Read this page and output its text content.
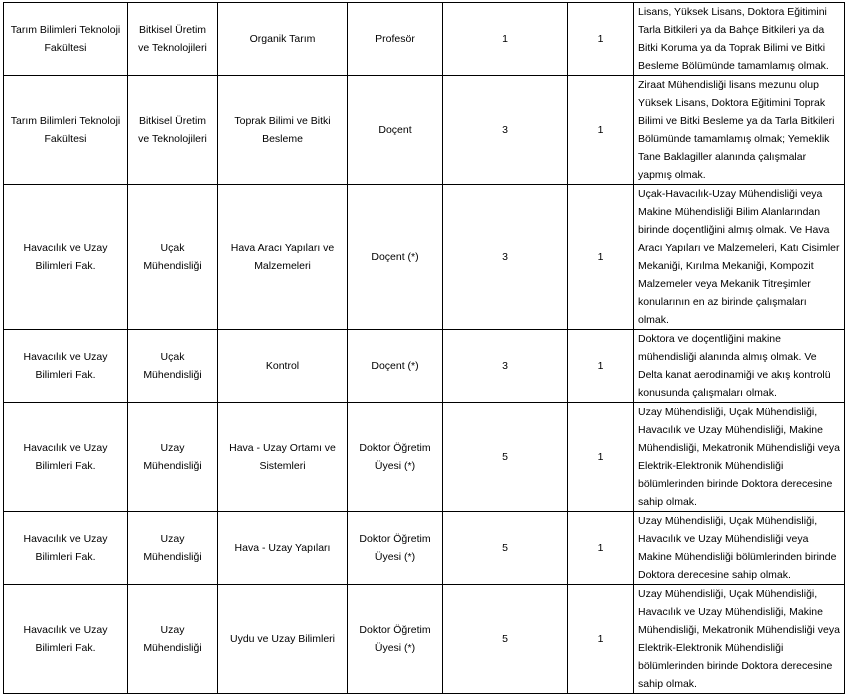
Tarım Bilimleri Teknoloji Fakültesi	Bitkisel Üretim ve Teknolojileri	Organik Tarım	Profesör	1	1	Lisans, Yüksek Lisans, Doktora Eğitimini Tarla Bitkileri ya da Bahçe Bitkileri ya da Bitki Koruma ya da Toprak Bilimi ve Bitki Besleme Bölümünde tamamlamış olmak.
Tarım Bilimleri Teknoloji Fakültesi	Bitkisel Üretim ve Teknolojileri	Toprak Bilimi ve Bitki Besleme	Doçent	3	1	Ziraat Mühendisliği lisans mezunu olup Yüksek Lisans, Doktora Eğitimini Toprak Bilimi ve Bitki Besleme ya da Tarla Bitkileri Bölümünde tamamlamış olmak; Yemeklik Tane Baklagiller alanında çalışmalar yapmış olmak.
Havacılık ve Uzay Bilimleri Fak.	Uçak Mühendisliği	Hava Aracı Yapıları ve Malzemeleri	Doçent (*)	3	1	Uçak-Havacılık-Uzay Mühendisliği veya Makine Mühendisliği Bilim Alanlarından birinde doçentliğini almış olmak. Ve Hava Aracı Yapıları ve Malzemeleri, Katı Cisimler Mekaniği, Kırılma Mekaniği, Kompozit Malzemeler veya Mekanik Titreşimler konularının en az birinde çalışmaları olmak.
Havacılık ve Uzay Bilimleri Fak.	Uçak Mühendisliği	Kontrol	Doçent (*)	3	1	Doktora ve doçentliğini makine mühendisliği alanında almış olmak. Ve Delta kanat aerodinamiği ve akış kontrolü konusunda çalışmaları olmak.
Havacılık ve Uzay Bilimleri Fak.	Uzay Mühendisliği	Hava - Uzay Ortamı ve Sistemleri	Doktor Öğretim Üyesi (*)	5	1	Uzay Mühendisliği, Uçak Mühendisliği, Havacılık ve Uzay Mühendisliği, Makine Mühendisliği, Mekatronik Mühendisliği veya Elektrik-Elektronik Mühendisliği bölümlerinden birinde Doktora derecesine sahip olmak.
Havacılık ve Uzay Bilimleri Fak.	Uzay Mühendisliği	Hava - Uzay Yapıları	Doktor Öğretim Üyesi (*)	5	1	Uzay Mühendisliği, Uçak Mühendisliği, Havacılık ve Uzay Mühendisliği veya Makine Mühendisliği bölümlerinden birinde Doktora derecesine sahip olmak.
Havacılık ve Uzay Bilimleri Fak.	Uzay Mühendisliği	Uydu ve Uzay Bilimleri	Doktor Öğretim Üyesi (*)	5	1	Uzay Mühendisliği, Uçak Mühendisliği, Havacılık ve Uzay Mühendisliği, Makine Mühendisliği, Mekatronik Mühendisliği veya Elektrik-Elektronik Mühendisliği bölümlerinden birinde Doktora derecesine sahip olmak.
